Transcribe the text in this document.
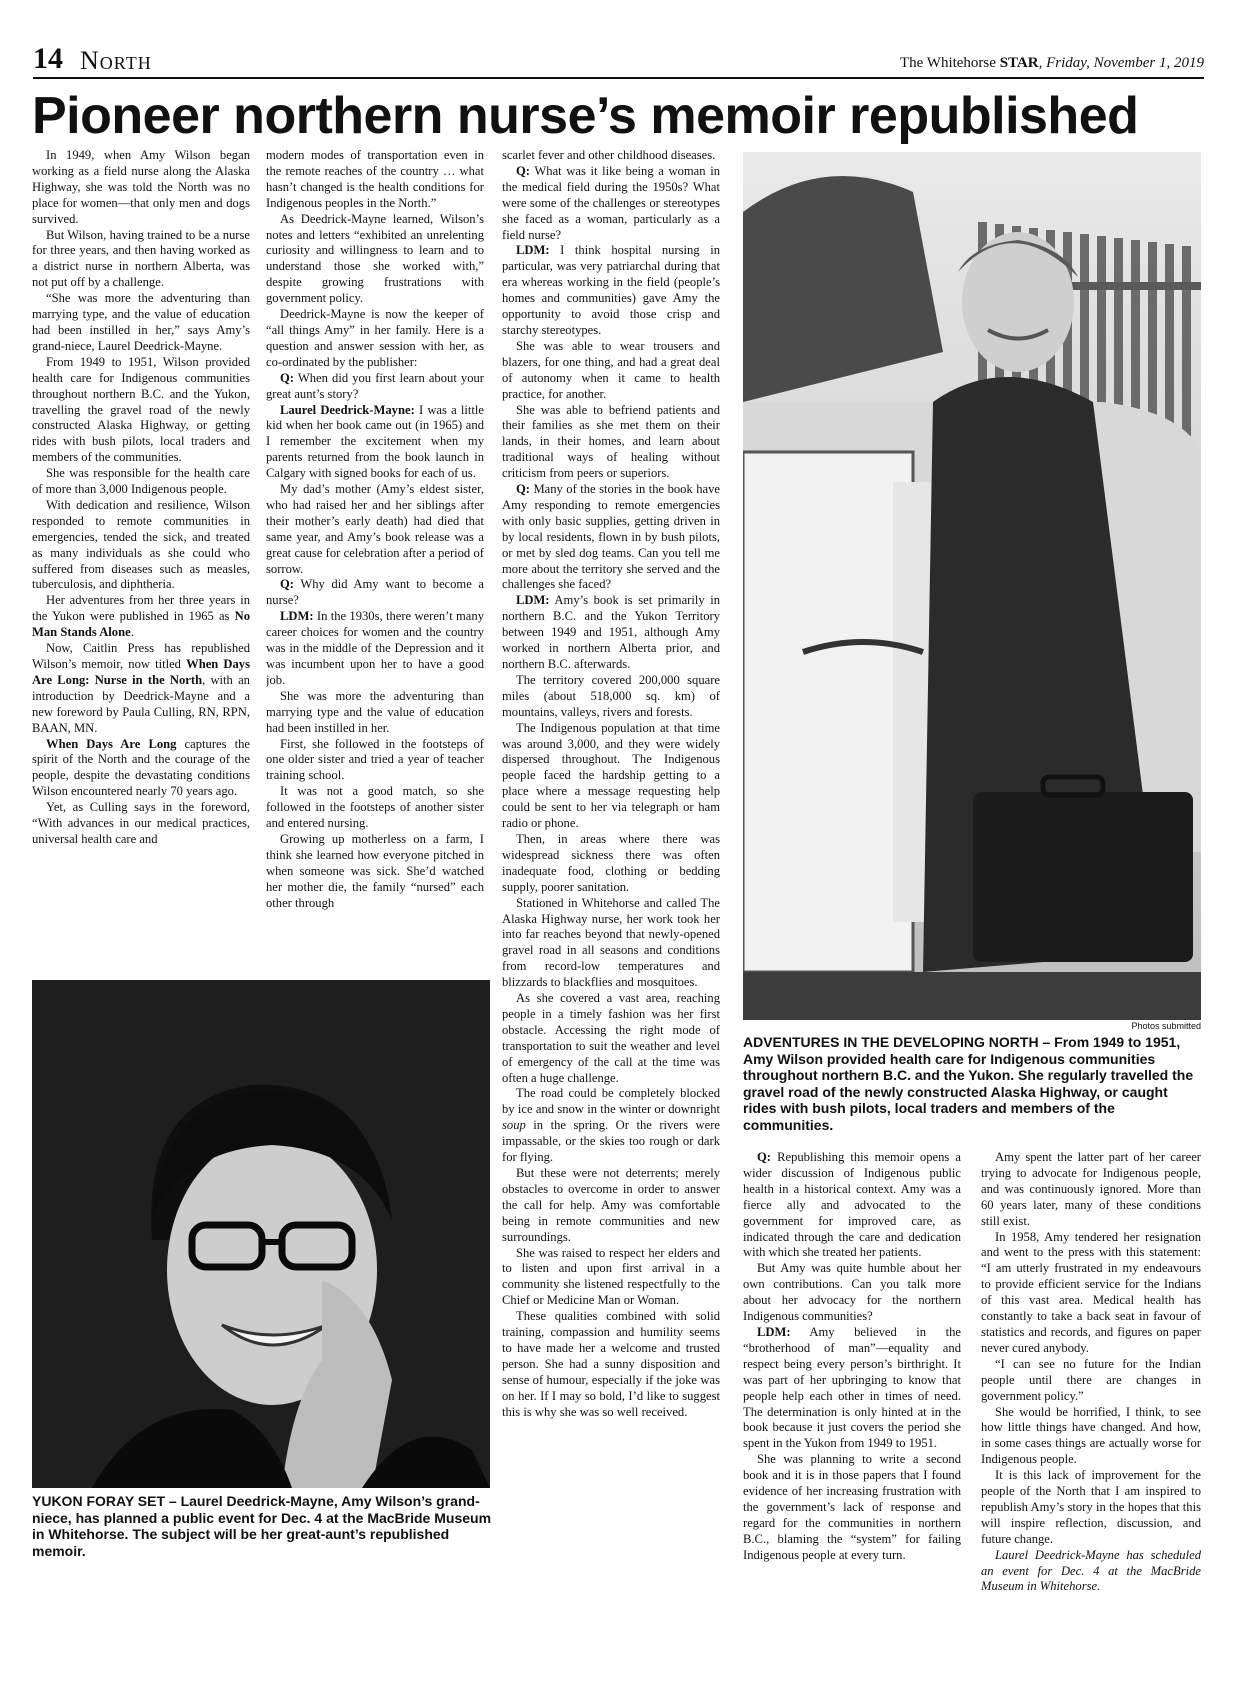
14 North	The Whitehorse STAR, Friday, November 1, 2019
Pioneer northern nurse’s memoir republished

In 1949, when Amy Wilson began working as a field nurse along the Alaska Highway, she was told the North was no place for women—that only men and dogs survived.

But Wilson, having trained to be a nurse for three years, and then having worked as a district nurse in northern Alberta, was not put off by a challenge.

“She was more the adventuring than marrying type, and the value of education had been instilled in her,” says Amy’s grand-niece, Laurel Deedrick-Mayne.

From 1949 to 1951, Wilson provided health care for Indigenous communities throughout northern B.C. and the Yukon, travelling the gravel road of the newly constructed Alaska Highway, or getting rides with bush pilots, local traders and members of the communities.

She was responsible for the health care of more than 3,000 Indigenous people.

With dedication and resilience, Wilson responded to remote communities in emergencies, tended the sick, and treated as many individuals as she could who suffered from diseases such as measles, tuberculosis, and diphtheria.

Her adventures from her three years in the Yukon were published in 1965 as No Man Stands Alone.

Now, Caitlin Press has republished Wilson’s memoir, now titled When Days Are Long: Nurse in the North, with an introduction by Deedrick-Mayne and a new foreword by Paula Culling, RN, RPN, BAAN, MN.

When Days Are Long captures the spirit of the North and the courage of the people, despite the devastating conditions Wilson encountered nearly 70 years ago.

Yet, as Culling says in the foreword, “With advances in our medical practices, universal health care and

modern modes of transportation even in the remote reaches of the country … what hasn’t changed is the health conditions for Indigenous peoples in the North.”

As Deedrick-Mayne learned, Wilson’s notes and letters “exhibited an unrelenting curiosity and willingness to learn and to understand those she worked with,” despite growing frustrations with government policy.

Deedrick-Mayne is now the keeper of “all things Amy” in her family. Here is a question and answer session with her, as co-ordinated by the publisher:

Q: When did you first learn about your great aunt’s story?

Laurel Deedrick-Mayne: I was a little kid when her book came out (in 1965) and I remember the excitement when my parents returned from the book launch in Calgary with signed books for each of us.

My dad’s mother (Amy’s eldest sister, who had raised her and her siblings after their mother’s early death) had died that same year, and Amy’s book release was a great cause for celebration after a period of sorrow.

Q: Why did Amy want to become a nurse?

LDM: In the 1930s, there weren’t many career choices for women and the country was in the middle of the Depression and it was incumbent upon her to have a good job.

She was more the adventuring than marrying type and the value of education had been instilled in her.

First, she followed in the footsteps of one older sister and tried a year of teacher training school.

It was not a good match, so she followed in the footsteps of another sister and entered nursing.

Growing up motherless on a farm, I think she learned how everyone pitched in when someone was sick. She’d watched her mother die, the family “nursed” each other through

scarlet fever and other childhood diseases.

Q: What was it like being a woman in the medical field during the 1950s? What were some of the challenges or stereotypes she faced as a woman, particularly as a field nurse?

LDM: I think hospital nursing in particular, was very patriarchal during that era whereas working in the field (people’s homes and communities) gave Amy the opportunity to avoid those crisp and starchy stereotypes.

She was able to wear trousers and blazers, for one thing, and had a great deal of autonomy when it came to health practice, for another.

She was able to befriend patients and their families as she met them on their lands, in their homes, and learn about traditional ways of healing without criticism from peers or superiors.

Q: Many of the stories in the book have Amy responding to remote emergencies with only basic supplies, getting driven in by local residents, flown in by bush pilots, or met by sled dog teams. Can you tell me more about the territory she served and the challenges she faced?

LDM: Amy’s book is set primarily in northern B.C. and the Yukon Territory between 1949 and 1951, although Amy worked in northern Alberta prior, and northern B.C. afterwards.

The territory covered 200,000 square miles (about 518,000 sq. km) of mountains, valleys, rivers and forests.

The Indigenous population at that time was around 3,000, and they were widely dispersed throughout. The Indigenous people faced the hardship getting to a place where a message requesting help could be sent to her via telegraph or ham radio or phone.

Then, in areas where there was widespread sickness there was often inadequate food, clothing or bedding supply, poorer sanitation.

Stationed in Whitehorse and called The Alaska Highway nurse, her work took her into far reaches beyond that newly-opened gravel road in all seasons and conditions from record-low temperatures and blizzards to blackflies and mosquitoes.

As she covered a vast area, reaching people in a timely fashion was her first obstacle. Accessing the right mode of transportation to suit the weather and level of emergency of the call at the time was often a huge challenge.

The road could be completely blocked by ice and snow in the winter or downright soup in the spring. Or the rivers were impassable, or the skies too rough or dark for flying.

But these were not deterrents; merely obstacles to overcome in order to answer the call for help. Amy was comfortable being in remote communities and new surroundings.

She was raised to respect her elders and to listen and upon first arrival in a community she listened respectfully to the Chief or Medicine Man or Woman.

These qualities combined with solid training, compassion and humility seems to have made her a welcome and trusted person. She had a sunny disposition and sense of humour, especially if the joke was on her. If I may so bold, I’d like to suggest this is why she was so well received.

Photos submitted
ADVENTURES IN THE DEVELOPING NORTH – From 1949 to 1951, Amy Wilson provided health care for Indigenous communities throughout northern B.C. and the Yukon. She regularly travelled the gravel road of the newly constructed Alaska Highway, or caught rides with bush pilots, local traders and members of the communities.
YUKON FORAY SET – Laurel Deedrick-Mayne, Amy Wilson’s grand-niece, has planned a public event for Dec. 4 at the MacBride Museum in Whitehorse. The subject will be her great-aunt’s republished memoir.

Q: Republishing this memoir opens a wider discussion of Indigenous public health in a historical context. Amy was a fierce ally and advocated to the government for improved care, as indicated through the care and dedication with which she treated her patients.

But Amy was quite humble about her own contributions. Can you talk more about her advocacy for the northern Indigenous communities?

LDM: Amy believed in the “brotherhood of man”—equality and respect being every person’s birthright. It was part of her upbringing to know that people help each other in times of need. The determination is only hinted at in the book because it just covers the period she spent in the Yukon from 1949 to 1951.

She was planning to write a second book and it is in those papers that I found evidence of her increasing frustration with the government’s lack of response and regard for the communities in northern B.C., blaming the “system” for failing Indigenous people at every turn.

Amy spent the latter part of her career trying to advocate for Indigenous people, and was continuously ignored. More than 60 years later, many of these conditions still exist.

In 1958, Amy tendered her resignation and went to the press with this statement: “I am utterly frustrated in my endeavours to provide efficient service for the Indians of this vast area. Medical health has constantly to take a back seat in favour of statistics and records, and figures on paper never cured anybody.

“I can see no future for the Indian people until there are changes in government policy.”

She would be horrified, I think, to see how little things have changed. And how, in some cases things are actually worse for Indigenous people.

It is this lack of improvement for the people of the North that I am inspired to republish Amy’s story in the hopes that this will inspire reflection, discussion, and future change.

Laurel Deedrick-Mayne has scheduled an event for Dec. 4 at the MacBride Museum in Whitehorse.
